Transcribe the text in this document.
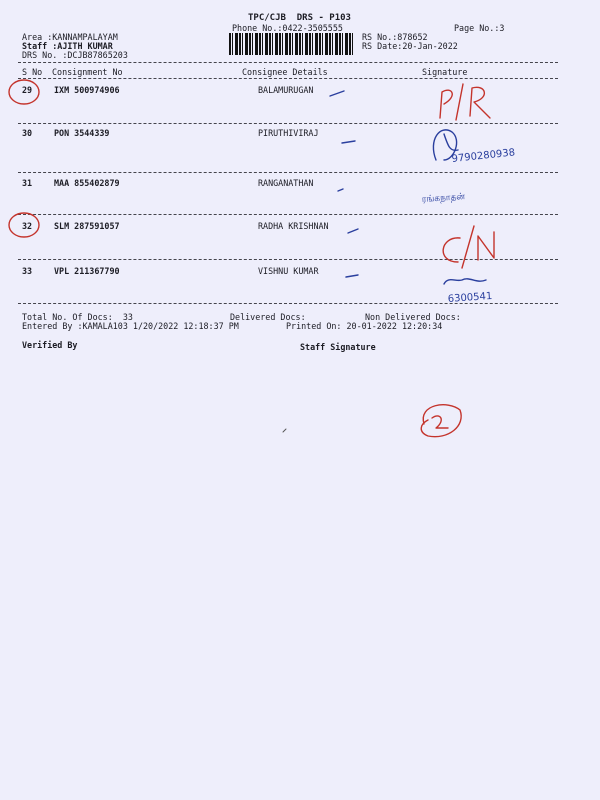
TPC/CJB  DRS - P103
Phone No.:0422-3505555	Page No.:3
Area :KANNAMPALAYAM
Staff :AJITH KUMAR
DRS No. :DCJB87865203
RS No.:878652
RS Date:20-Jan-2022
S No Consignment No	Consignee Details	Signature
29	IXM 500974906	BALAMURUGAN
30	PON 3544339	PIRUTHIVIRAJ
31	MAA 855402879	RANGANATHAN
32	SLM 287591057	RADHA KRISHNAN
33	VPL 211367790	VISHNU KUMAR
Total No. Of Docs:  33	Delivered Docs:	Non Delivered Docs:
Entered By :KAMALA103 1/20/2022 12:18:37 PM	Printed On: 20-01-2022 12:20:34
Verified By	Staff Signature
9790280938
ரங்கநாதன்
6300541
